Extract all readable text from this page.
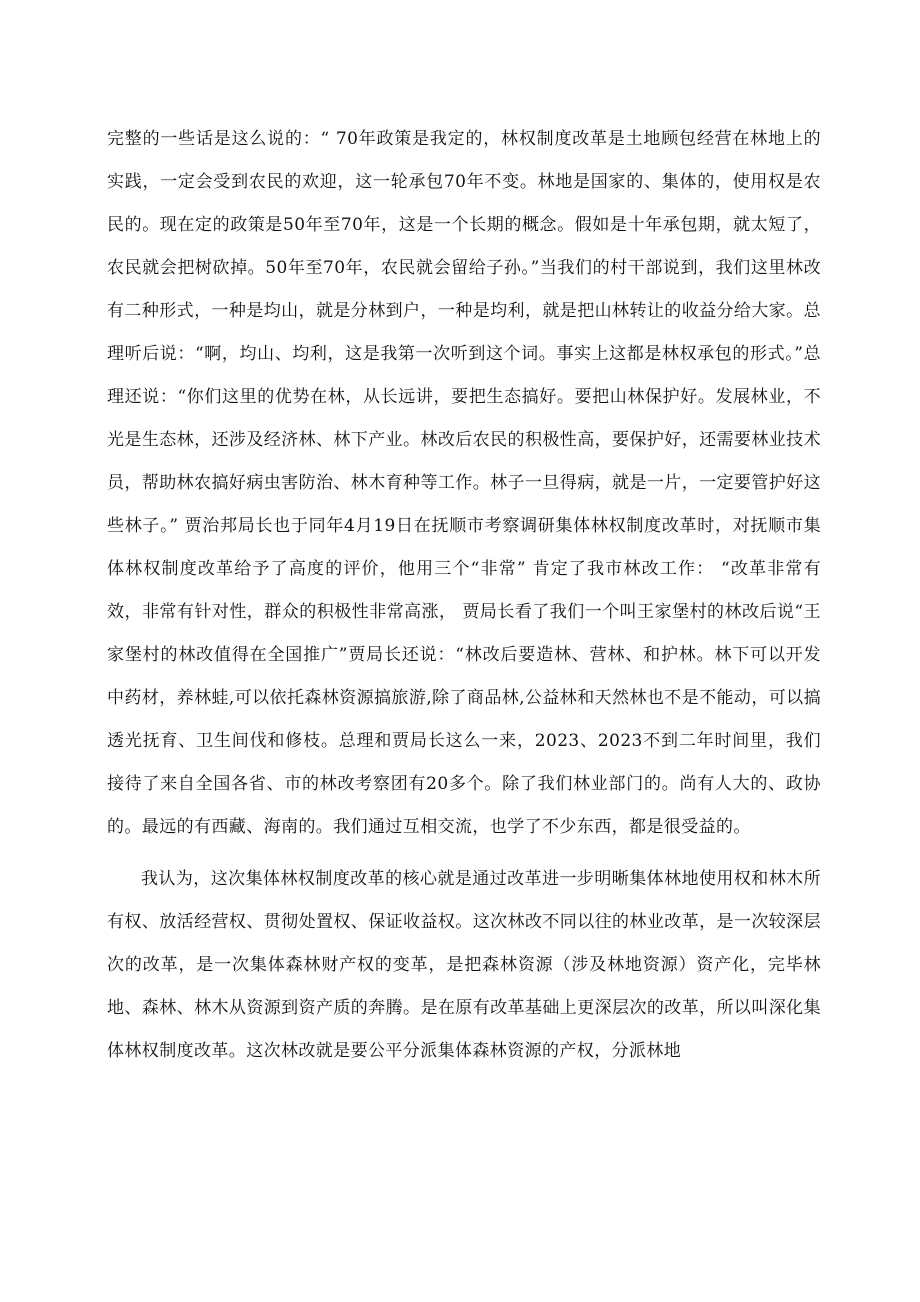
完整的一些话是这么说的：“ 70年政策是我定的，林权制度改革是土地顾包经营在林地上的实践，一定会受到农民的欢迎，这一轮承包70年不变。林地是国家的、集体的，使用权是农民的。现在定的政策是50年至70年，这是一个长期的概念。假如是十年承包期，就太短了，农民就会把树砍掉。50年至70年，农民就会留给子孙。”当我们的村干部说到，我们这里林改有二种形式，一种是均山，就是分林到户，一种是均利，就是把山林转让的收益分给大家。总理听后说：“啊，均山、均利，这是我第一次听到这个词。事实上这都是林权承包的形式。”总理还说：“你们这里的优势在林，从长远讲，要把生态搞好。要把山林保护好。发展林业，不光是生态林，还涉及经济林、林下产业。林改后农民的积极性高，要保护好，还需要林业技术员，帮助林农搞好病虫害防治、林木育种等工作。林子一旦得病，就是一片，一定要管护好这些林子。” 贾治邦局长也于同年4月19日在抚顺市考察调研集体林权制度改革时，对抚顺市集体林权制度改革给予了高度的评价，他用三个“非常” 肯定了我市林改工作： “改革非常有效，非常有针对性，群众的积极性非常高涨， 贾局长看了我们一个叫王家堡村的林改后说“王家堡村的林改值得在全国推广”贾局长还说：“林改后要造林、营林、和护林。林下可以开发中药材，养林蛙,可以依托森林资源搞旅游,除了商品林,公益林和天然林也不是不能动，可以搞透光抚育、卫生间伐和修枝。总理和贾局长这么一来，2023、2023不到二年时间里，我们接待了来自全国各省、市的林改考察团有20多个。除了我们林业部门的。尚有人大的、政协的。最远的有西藏、海南的。我们通过互相交流，也学了不少东西，都是很受益的。

我认为，这次集体林权制度改革的核心就是通过改革进一步明晰集体林地使用权和林木所有权、放活经营权、贯彻处置权、保证收益权。这次林改不同以往的林业改革，是一次较深层次的改革，是一次集体森林财产权的变革，是把森林资源（涉及林地资源）资产化，完毕林地、森林、林木从资源到资产质的奔腾。是在原有改革基础上更深层次的改革，所以叫深化集体林权制度改革。这次林改就是要公平分派集体森林资源的产权，分派林地
